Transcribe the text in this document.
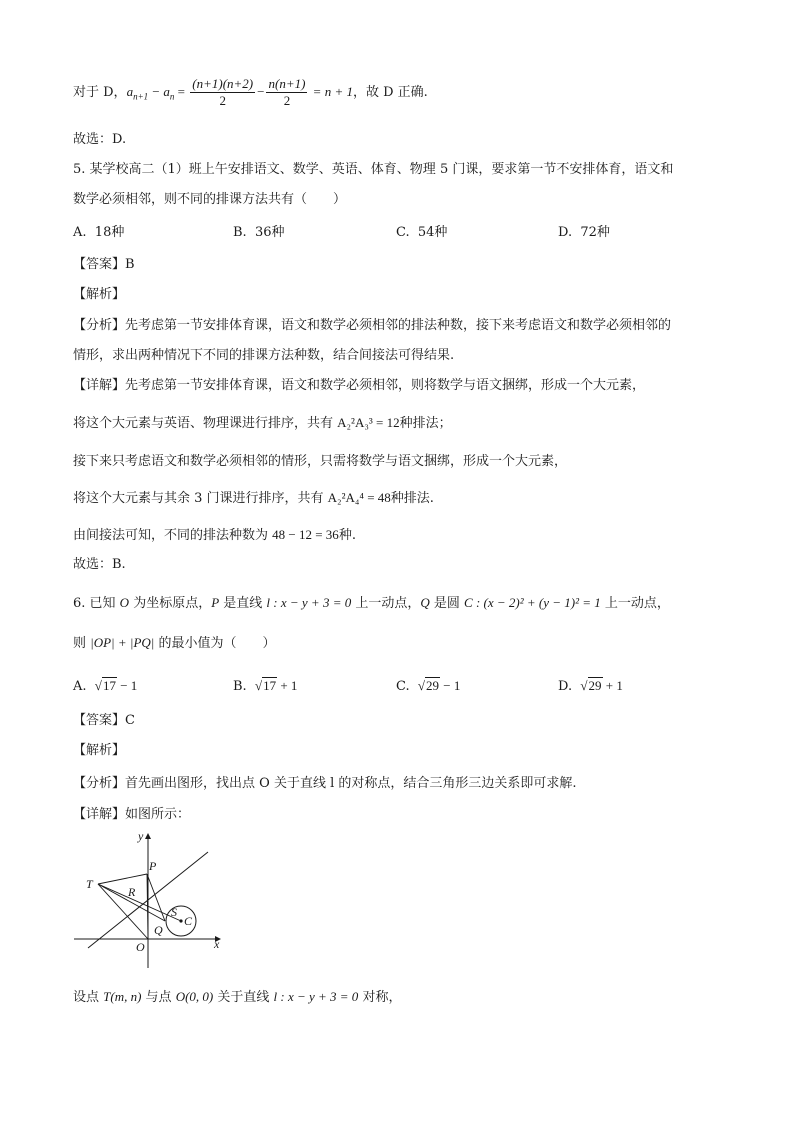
对于 D，$a_{n+1} - a_n = \frac{(n+1)(n+2)}{2} - \frac{n(n+1)}{2} = n + 1$，故 D 正确.
故选：D.
5. 某学校高二（1）班上午安排语文、数学、英语、体育、物理 5 门课，要求第一节不安排体育，语文和
数学必须相邻，则不同的排课方法共有（　　）
A. 18种	B. 36种	C. 54种	D. 72种
【答案】B
【解析】
【分析】先考虑第一节安排体育课，语文和数学必须相邻的排法种数，接下来考虑语文和数学必须相邻的
情形，求出两种情况下不同的排课方法种数，结合间接法可得结果.
【详解】先考虑第一节安排体育课，语文和数学必须相邻，则将数学与语文捆绑，形成一个大元素，
将这个大元素与英语、物理课进行排序，共有 A₂²A₃³ = 12种排法；
接下来只考虑语文和数学必须相邻的情形，只需将数学与语文捆绑，形成一个大元素，
将这个大元素与其余 3 门课进行排序，共有 A₂²A₄⁴ = 48种排法.
由间接法可知，不同的排法种数为 48 − 12 = 36种.
故选：B.
6. 已知 O 为坐标原点，P 是直线 l : x − y + 3 = 0 上一动点，Q 是圆 C : (x − 2)² + (y − 1)² = 1 上一动点，
则 |OP| + |PQ| 的最小值为（　　）
A. √17 − 1	B. √17 + 1	C. √29 − 1	D. √29 + 1
【答案】C
【解析】
【分析】首先画出图形，找出点 O 关于直线 l 的对称点，结合三角形三边关系即可求解.
【详解】如图所示：
y
x
O
P
T
R
S
C
Q
设点 T(m, n) 与点 O(0, 0) 关于直线 l : x − y + 3 = 0 对称，
